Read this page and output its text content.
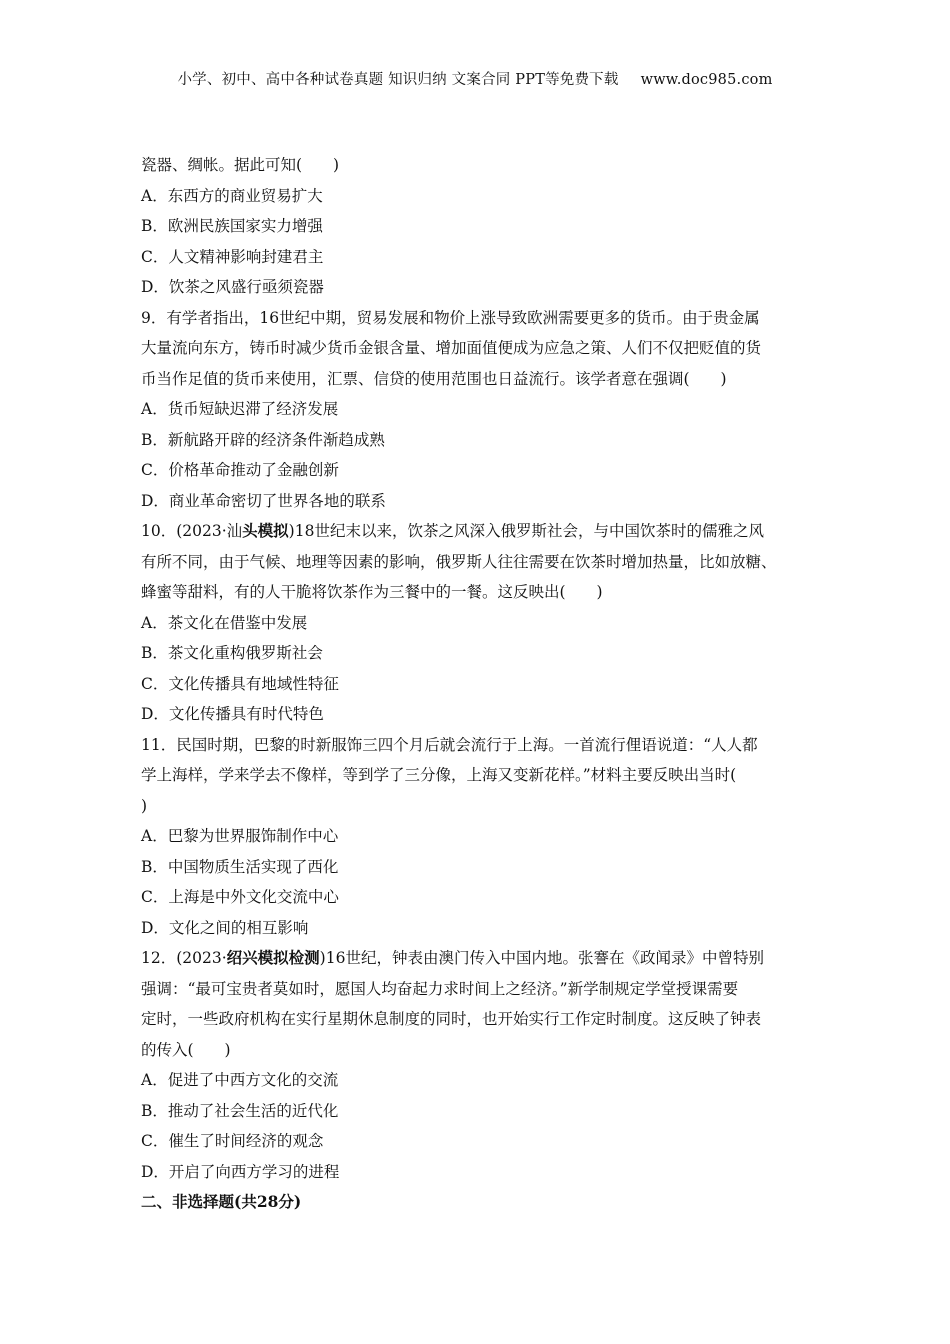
小学、初中、高中各种试卷真题 知识归纳 文案合同 PPT等免费下载 www.doc985.com
瓷器、绸帐。据此可知(　　)
A．东西方的商业贸易扩大
B．欧洲民族国家实力增强
C．人文精神影响封建君主
D．饮茶之风盛行亟须瓷器
9．有学者指出，16世纪中期，贸易发展和物价上涨导致欧洲需要更多的货币。由于贵金属
大量流向东方，铸币时减少货币金银含量、增加面值便成为应急之策、人们不仅把贬值的货
币当作足值的货币来使用，汇票、信贷的使用范围也日益流行。该学者意在强调(　　)
A．货币短缺迟滞了经济发展
B．新航路开辟的经济条件渐趋成熟
C．价格革命推动了金融创新
D．商业革命密切了世界各地的联系
10．(2023·汕头模拟)18世纪末以来，饮茶之风深入俄罗斯社会，与中国饮茶时的儒雅之风
有所不同，由于气候、地理等因素的影响，俄罗斯人往往需要在饮茶时增加热量，比如放糖、
蜂蜜等甜料，有的人干脆将饮茶作为三餐中的一餐。这反映出(　　)
A．茶文化在借鉴中发展
B．茶文化重构俄罗斯社会
C．文化传播具有地域性特征
D．文化传播具有时代特色
11．民国时期，巴黎的时新服饰三四个月后就会流行于上海。一首流行俚语说道：“人人都
学上海样，学来学去不像样，等到学了三分像，上海又变新花样。”材料主要反映出当时(
)
A．巴黎为世界服饰制作中心
B．中国物质生活实现了西化
C．上海是中外文化交流中心
D．文化之间的相互影响
12．(2023·绍兴模拟检测)16世纪，钟表由澳门传入中国内地。张謇在《政闻录》中曾特别
强调：“最可宝贵者莫如时，愿国人均奋起力求时间上之经济。”新学制规定学堂授课需要
定时，一些政府机构在实行星期休息制度的同时，也开始实行工作定时制度。这反映了钟表
的传入(　　)
A．促进了中西方文化的交流
B．推动了社会生活的近代化
C．催生了时间经济的观念
D．开启了向西方学习的进程
二、非选择题(共28分)
